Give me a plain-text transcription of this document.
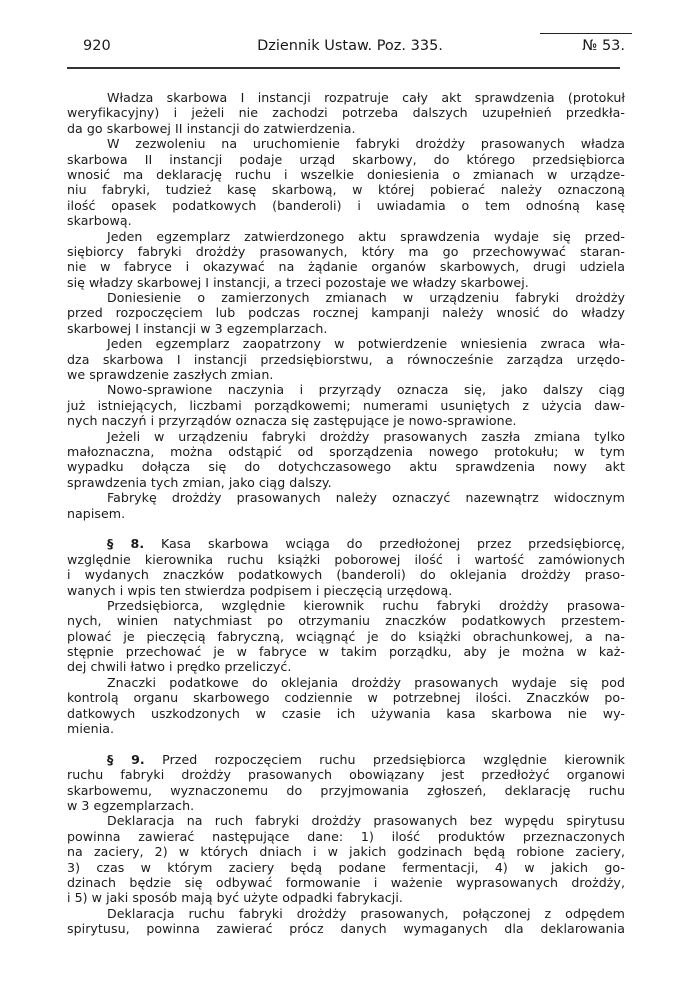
920	Dziennik Ustaw. Poz. 335.	№ 53.
Władza skarbowa I instancji rozpatruje cały akt sprawdzenia (protokuł
weryfikacyjny) i jeżeli nie zachodzi potrzeba dalszych uzupełnień przedkła-
da go skarbowej II instancji do zatwierdzenia.
W zezwoleniu na uruchomienie fabryki drożdży prasowanych władza
skarbowa II instancji podaje urząd skarbowy, do którego przedsiębiorca
wnosić ma deklarację ruchu i wszelkie doniesienia o zmianach w urządze-
niu fabryki, tudzież kasę skarbową, w której pobierać należy oznaczoną
ilość opasek podatkowych (banderoli) i uwiadamia o tem odnośną kasę
skarbową.
Jeden egzemplarz zatwierdzonego aktu sprawdzenia wydaje się przed-
siębiorcy fabryki drożdży prasowanych, który ma go przechowywać staran-
nie w fabryce i okazywać na żądanie organów skarbowych, drugi udziela
się władzy skarbowej I instancji, a trzeci pozostaje we władzy skarbowej.
Doniesienie o zamierzonych zmianach w urządzeniu fabryki drożdży
przed rozpoczęciem lub podczas rocznej kampanji należy wnosić do władzy
skarbowej I instancji w 3 egzemplarzach.
Jeden egzemplarz zaopatrzony w potwierdzenie wniesienia zwraca wła-
dza skarbowa I instancji przedsiębiorstwu, a równocześnie zarządza urzędo-
we sprawdzenie zaszłych zmian.
Nowo-sprawione naczynia i przyrządy oznacza się, jako dalszy ciąg
już istniejących, liczbami porządkowemi; numerami usuniętych z użycia daw-
nych naczyń i przyrządów oznacza się zastępujące je nowo-sprawione.
Jeżeli w urządzeniu fabryki drożdży prasowanych zaszła zmiana tylko
małoznaczna, można odstąpić od sporządzenia nowego protokułu; w tym
wypadku dołącza się do dotychczasowego aktu sprawdzenia nowy akt
sprawdzenia tych zmian, jako ciąg dalszy.
Fabrykę drożdży prasowanych należy oznaczyć nazewnątrz widocznym
napisem.
§ 8. Kasa skarbowa wciąga do przedłożonej przez przedsiębiorcę,
względnie kierownika ruchu książki poborowej ilość i wartość zamówionych
i wydanych znaczków podatkowych (banderoli) do oklejania drożdży praso-
wanych i wpis ten stwierdza podpisem i pieczęcią urzędową.
Przedsiębiorca, względnie kierownik ruchu fabryki drożdży prasowa-
nych, winien natychmiast po otrzymaniu znaczków podatkowych przestem-
plować je pieczęcią fabryczną, wciągnąć je do książki obrachunkowej, a na-
stępnie przechować je w fabryce w takim porządku, aby je można w każ-
dej chwili łatwo i prędko przeliczyć.
Znaczki podatkowe do oklejania drożdży prasowanych wydaje się pod
kontrolą organu skarbowego codziennie w potrzebnej ilości. Znaczków po-
datkowych uszkodzonych w czasie ich używania kasa skarbowa nie wy-
mienia.
§ 9. Przed rozpoczęciem ruchu przedsiębiorca względnie kierownik
ruchu fabryki drożdży prasowanych obowiązany jest przedłożyć organowi
skarbowemu, wyznaczonemu do przyjmowania zgłoszeń, deklarację ruchu
w 3 egzemplarzach.
Deklaracja na ruch fabryki drożdży prasowanych bez wypędu spirytusu
powinna zawierać następujące dane: 1) ilość produktów przeznaczonych
na zaciery, 2) w których dniach i w jakich godzinach będą robione zaciery,
3) czas w którym zaciery będą podane fermentacji, 4) w jakich go-
dzinach będzie się odbywać formowanie i ważenie wyprasowanych drożdży,
i 5) w jaki sposób mają być użyte odpadki fabrykacji.
Deklaracja ruchu fabryki drożdży prasowanych, połączonej z odpędem
spirytusu, powinna zawierać prócz danych wymaganych dla deklarowania
